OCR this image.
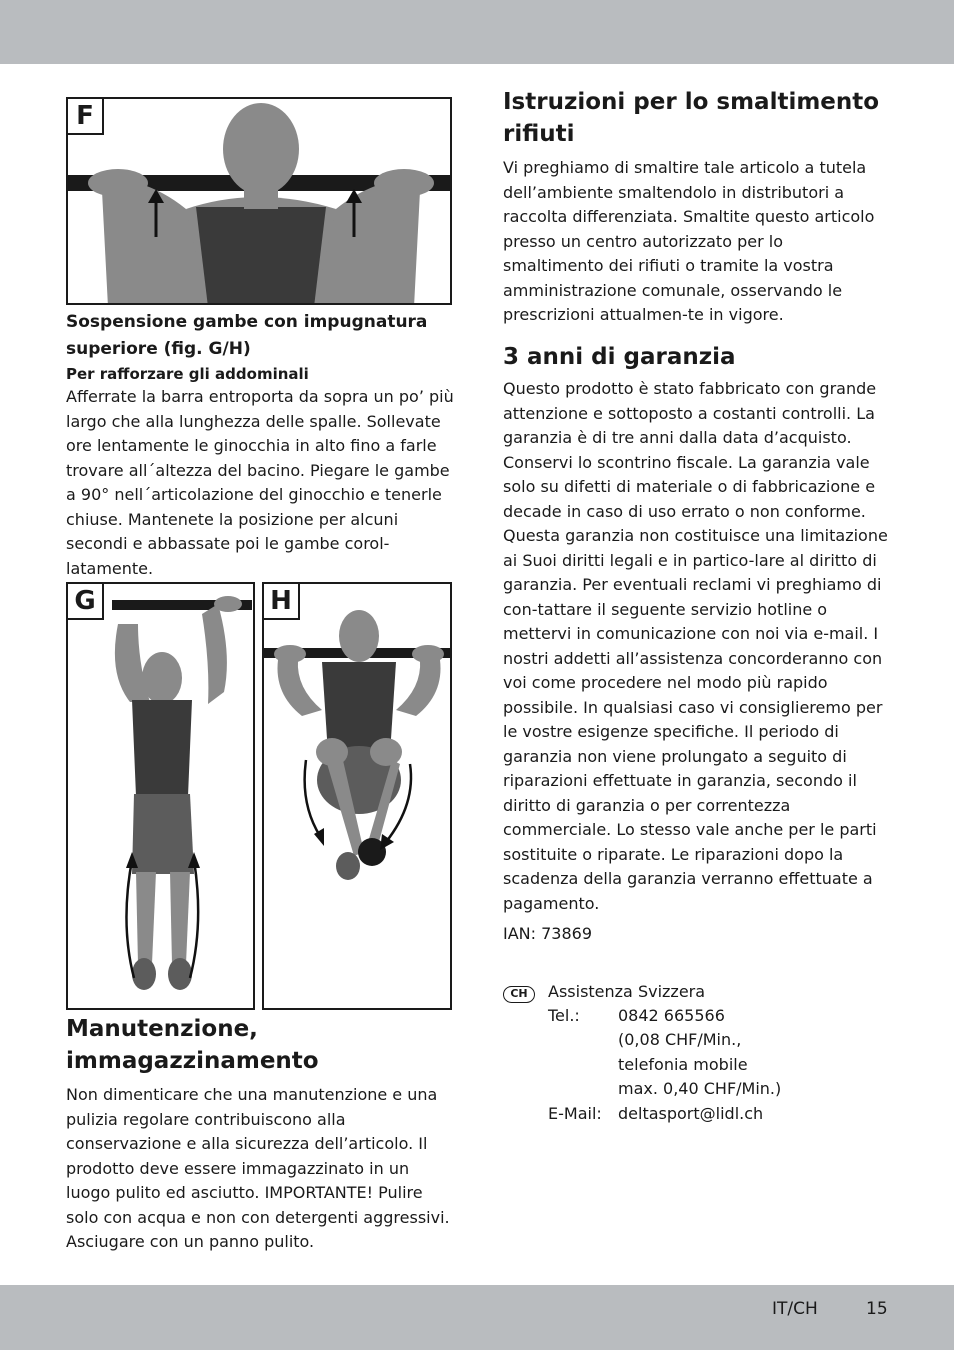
F
Sospensione gambe con impugnatura superiore (fig. G/H)
Per rafforzare gli addominali

Afferrate la barra entroporta da sopra un po’ più largo che alla lunghezza delle spalle. Sollevate ore lentamente le ginocchia in alto fino a farle trovare all´altezza del bacino. Piegare le gambe a 90° nell´articolazione del ginocchio e tenerle chiuse. Mantenete la posizione per alcuni secondi e abbassate poi le gambe corol-latamente.

G	H
Manutenzione, immagazzinamento

Non dimenticare che una manutenzione e una pulizia regolare contribuiscono alla conservazione e alla sicurezza dell’articolo. Il prodotto deve essere immagazzinato in un luogo pulito ed asciutto. IMPORTANTE! Pulire solo con acqua e non con detergenti aggressivi. Asciugare con un panno pulito.

Istruzioni per lo smaltimento rifiuti

Vi preghiamo di smaltire tale articolo a tutela dell’ambiente smaltendolo in distributori a raccolta differenziata. Smaltite questo articolo presso un centro autorizzato per lo smaltimento dei rifiuti o tramite la vostra amministrazione comunale, osservando le prescrizioni attualmen-te in vigore.

3 anni di garanzia

Questo prodotto è stato fabbricato con grande attenzione e sottoposto a costanti controlli. La garanzia è di tre anni dalla data d’acquisto. Conservi lo scontrino fiscale. La garanzia vale solo su difetti di materiale o di fabbricazione e decade in caso di uso errato o non conforme. Questa garanzia non costituisce una limitazione ai Suoi diritti legali e in partico-lare al diritto di garanzia. Per eventuali reclami vi preghiamo di con-tattare il seguente servizio hotline o mettervi in comunicazione con noi via e-mail. I nostri addetti all’assistenza concorderanno con voi come procedere nel modo più rapido possibile. In qualsiasi caso vi consiglieremo per le vostre esigenze specifiche. Il periodo di garanzia non viene prolungato a seguito di riparazioni effettuate in garanzia, secondo il diritto di garanzia o per correntezza commerciale. Lo stesso vale anche per le parti sostituite o riparate. Le riparazioni dopo la scadenza della garanzia verranno effettuate a pagamento.

IAN: 73869

CH	Assistenza Svizzera
Tel.: 0842 665566
(0,08 CHF/Min.,
telefonia mobile
max. 0,40 CHF/Min.)
E-Mail: deltasport@lidl.ch
IT/CH	15
